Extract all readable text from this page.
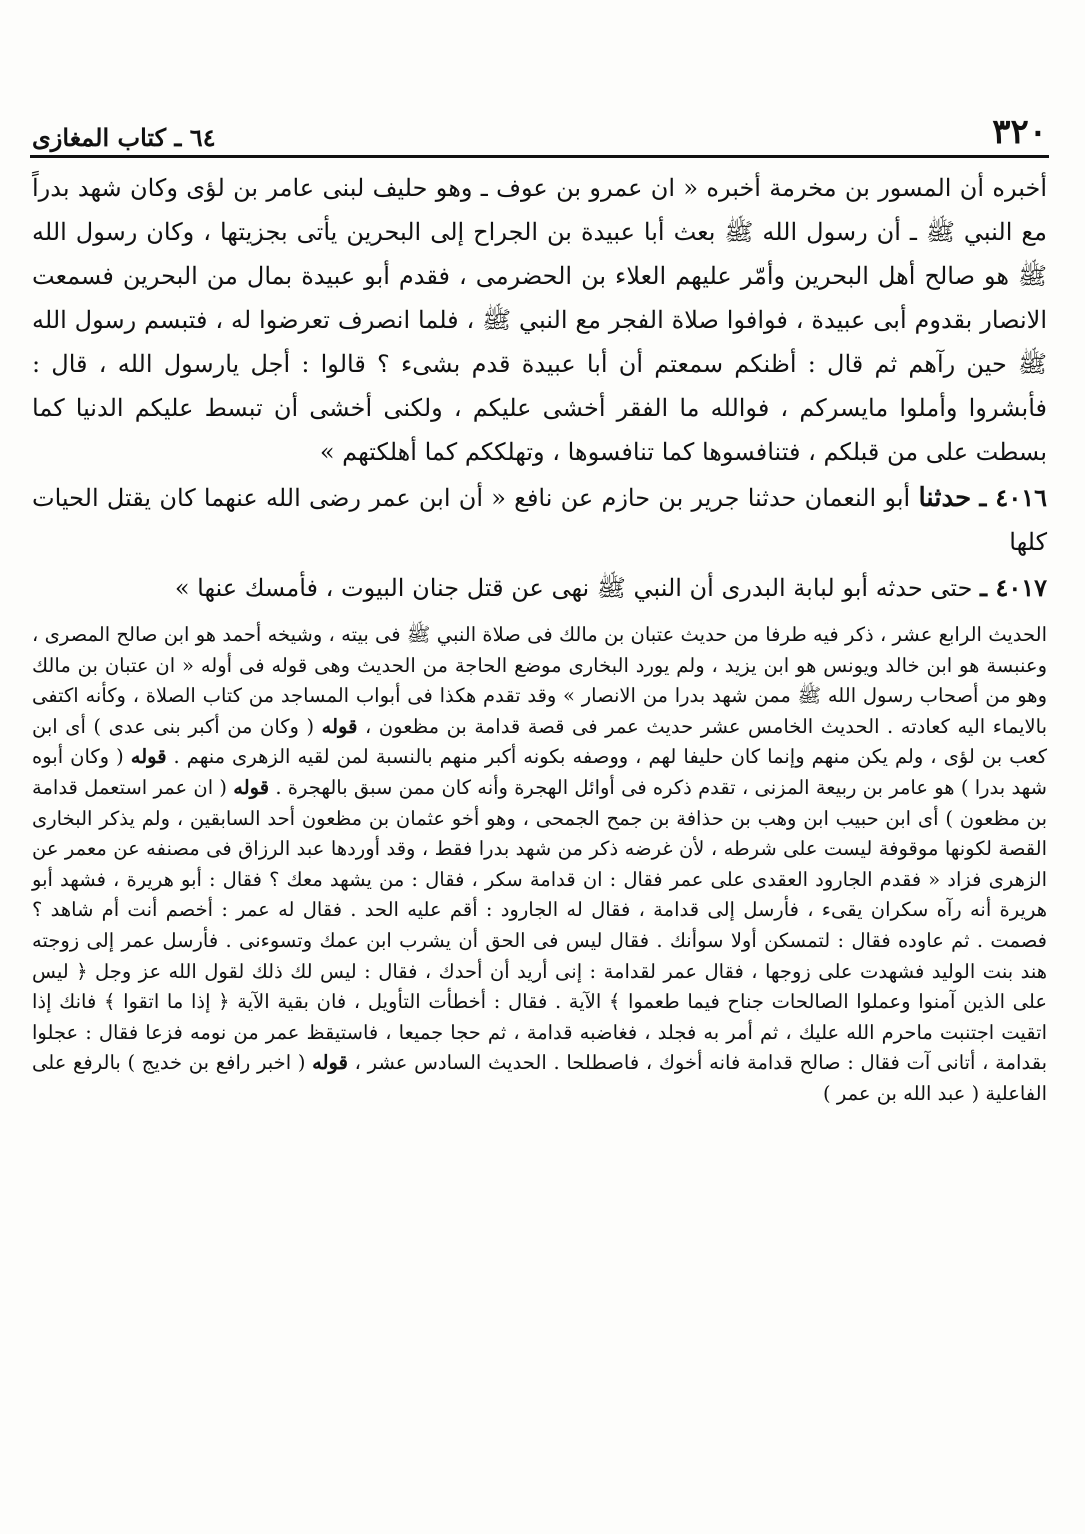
٣٢٠
٦٤ ـ كتاب المغازى

أخبره أن المسور بن مخرمة أخبره « ان عمرو بن عوف ـ وهو حليف لبنى عامر بن لؤى وكان شهد بدراً مع النبي ﷺ ـ أن رسول الله ﷺ بعث أبا عبيدة بن الجراح إلى البحرين يأتى بجزيتها ، وكان رسول الله ﷺ هو صالح أهل البحرين وأمّر عليهم العلاء بن الحضرمى ، فقدم أبو عبيدة بمال من البحرين فسمعت الانصار بقدوم أبى عبيدة ، فوافوا صلاة الفجر مع النبي ﷺ ، فلما انصرف تعرضوا له ، فتبسم رسول الله ﷺ حين رآهم ثم قال : أظنكم سمعتم أن أبا عبيدة قدم بشىء ؟ قالوا : أجل يارسول الله ، قال : فأبشروا وأملوا مايسركم ، فوالله ما الفقر أخشى عليكم ، ولكنى أخشى أن تبسط عليكم الدنيا كما بسطت على من قبلكم ، فتنافسوها كما تنافسوها ، وتهلككم كما أهلكتهم »

٤٠١٦ ـ حدثنا أبو النعمان حدثنا جرير بن حازم عن نافع « أن ابن عمر رضى الله عنهما كان يقتل الحيات كلها

٤٠١٧ ـ حتى حدثه أبو لبابة البدرى أن النبي ﷺ نهى عن قتل جنان البيوت ، فأمسك عنها »

الحديث الرابع عشر ، ذكر فيه طرفا من حديث عتبان بن مالك فى صلاة النبي ﷺ فى بيته ، وشيخه أحمد هو ابن صالح المصرى ، وعنبسة هو ابن خالد ويونس هو ابن يزيد ، ولم يورد البخارى موضع الحاجة من الحديث وهى قوله فى أوله « ان عتبان بن مالك وهو من أصحاب رسول الله ﷺ ممن شهد بدرا من الانصار » وقد تقدم هكذا فى أبواب المساجد من كتاب الصلاة ، وكأنه اكتفى بالايماء اليه كعادته . الحديث الخامس عشر حديث عمر فى قصة قدامة بن مظعون ، قوله ( وكان من أكبر بنى عدى ) أى ابن كعب بن لؤى ، ولم يكن منهم وإنما كان حليفا لهم ، ووصفه بكونه أكبر منهم بالنسبة لمن لقيه الزهرى منهم . قوله ( وكان أبوه شهد بدرا ) هو عامر بن ربيعة المزنى ، تقدم ذكره فى أوائل الهجرة وأنه كان ممن سبق بالهجرة . قوله ( ان عمر استعمل قدامة بن مظعون ) أى ابن حبيب ابن وهب بن حذافة بن جمح الجمحى ، وهو أخو عثمان بن مظعون أحد السابقين ، ولم يذكر البخارى القصة لكونها موقوفة ليست على شرطه ، لأن غرضه ذكر من شهد بدرا فقط ، وقد أوردها عبد الرزاق فى مصنفه عن معمر عن الزهرى فزاد « فقدم الجارود العقدى على عمر فقال : ان قدامة سكر ، فقال : من يشهد معك ؟ فقال : أبو هريرة ، فشهد أبو هريرة أنه رآه سكران يقىء ، فأرسل إلى قدامة ، فقال له الجارود : أقم عليه الحد . فقال له عمر : أخصم أنت أم شاهد ؟ فصمت . ثم عاوده فقال : لتمسكن أولا سوأنك . فقال ليس فى الحق أن يشرب ابن عمك وتسوءنى . فأرسل عمر إلى زوجته هند بنت الوليد فشهدت على زوجها ، فقال عمر لقدامة : إنى أريد أن أحدك ، فقال : ليس لك ذلك لقول الله عز وجل ﴿ ليس على الذين آمنوا وعملوا الصالحات جناح فيما طعموا ﴾ الآية . فقال : أخطأت التأويل ، فان بقية الآية ﴿ إذا ما اتقوا ﴾ فانك إذا اتقيت اجتنبت ماحرم الله عليك ، ثم أمر به فجلد ، فغاضبه قدامة ، ثم حجا جميعا ، فاستيقظ عمر من نومه فزعا فقال : عجلوا بقدامة ، أتانى آت فقال : صالح قدامة فانه أخوك ، فاصطلحا . الحديث السادس عشر ، قوله ( اخبر رافع بن خديج ) بالرفع على الفاعلية ( عبد الله بن عمر )
